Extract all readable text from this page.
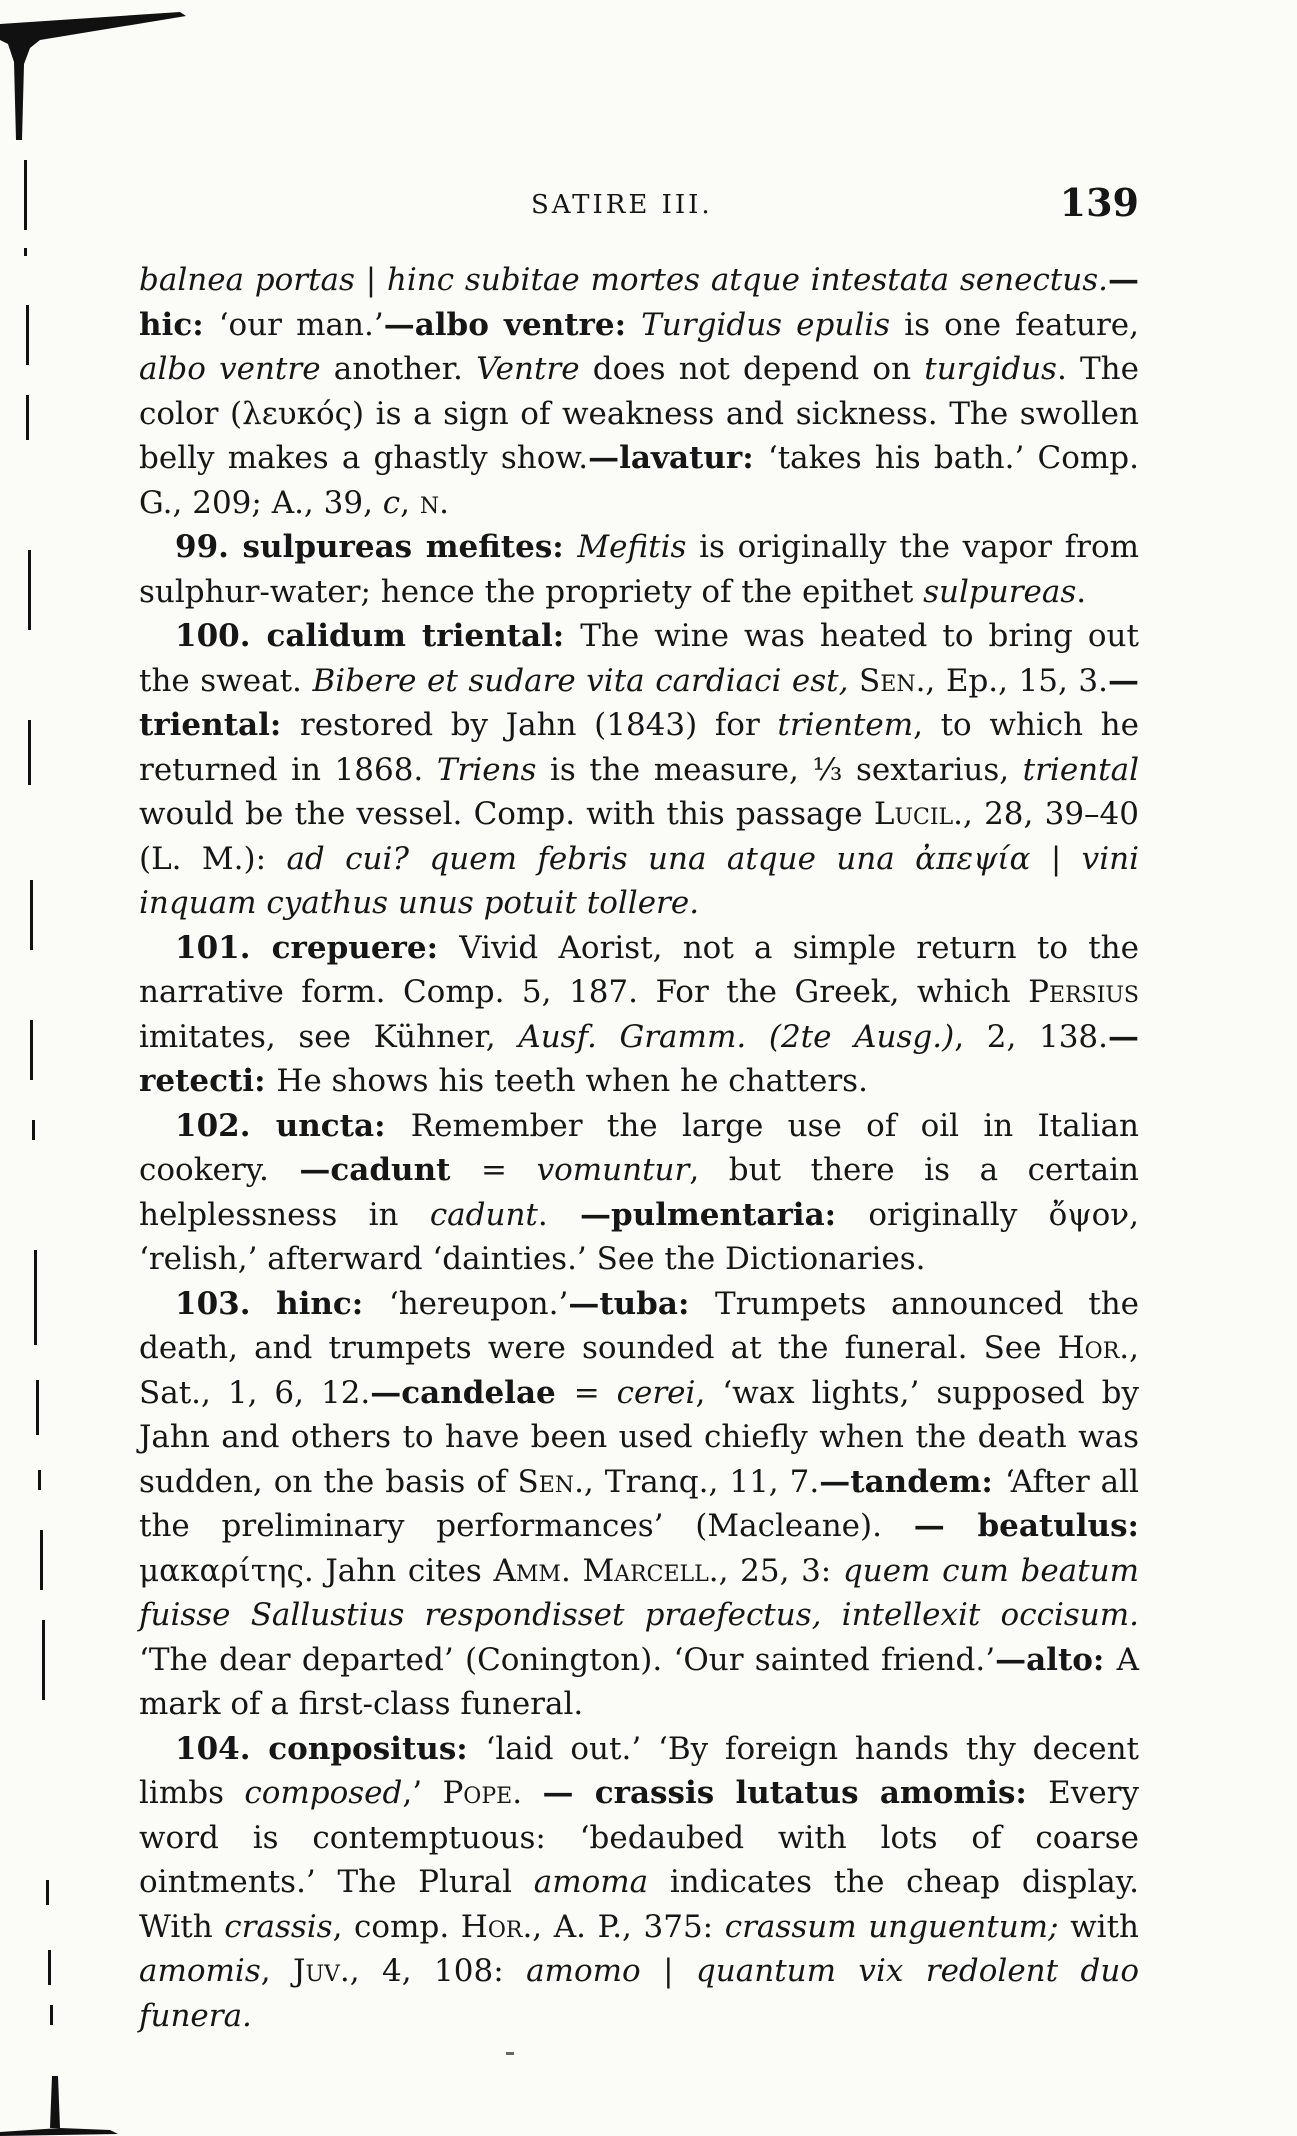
SATIRE III.	139

balnea portas | hinc subitae mortes atque intestata senectus.—hic: ‘our man.’—albo ventre: Turgidus epulis is one feature, albo ventre another. Ventre does not depend on turgidus. The color (λευκός) is a sign of weakness and sickness. The swollen belly makes a ghastly show.—lavatur: ‘takes his bath.’ Comp. G., 209; A., 39, c, n.

99. sulpureas mefites: Mefitis is originally the vapor from sulphur-water; hence the propriety of the epithet sulpureas.

100. calidum triental: The wine was heated to bring out the sweat. Bibere et sudare vita cardiaci est, Sen., Ep., 15, 3.—triental: restored by Jahn (1843) for trientem, to which he returned in 1868. Triens is the measure, ⅓ sextarius, triental would be the vessel. Comp. with this passage Lucil., 28, 39–40 (L. M.): ad cui? quem febris una atque una ἀπεψία | vini inquam cyathus unus potuit tollere.

101. crepuere: Vivid Aorist, not a simple return to the narrative form. Comp. 5, 187. For the Greek, which Persius imitates, see Kühner, Ausf. Gramm. (2te Ausg.), 2, 138.—retecti: He shows his teeth when he chatters.

102. uncta: Remember the large use of oil in Italian cookery. —cadunt = vomuntur, but there is a certain helplessness in cadunt. —pulmentaria: originally ὄψον, ‘relish,’ afterward ‘dainties.’ See the Dictionaries.

103. hinc: ‘hereupon.’—tuba: Trumpets announced the death, and trumpets were sounded at the funeral. See Hor., Sat., 1, 6, 12.—candelae = cerei, ‘wax lights,’ supposed by Jahn and others to have been used chiefly when the death was sudden, on the basis of Sen., Tranq., 11, 7.—tandem: ‘After all the preliminary performances’ (Macleane). — beatulus: μακαρίτης. Jahn cites Amm. Marcell., 25, 3: quem cum beatum fuisse Sallustius respondisset praefectus, intellexit occisum. ‘The dear departed’ (Conington). ‘Our sainted friend.’—alto: A mark of a first-class funeral.

104. conpositus: ‘laid out.’ ‘By foreign hands thy decent limbs composed,’ Pope. — crassis lutatus amomis: Every word is contemptuous: ‘bedaubed with lots of coarse ointments.’ The Plural amoma indicates the cheap display. With crassis, comp. Hor., A. P., 375: crassum unguentum; with amomis, Juv., 4, 108: amomo | quantum vix redolent duo funera.
